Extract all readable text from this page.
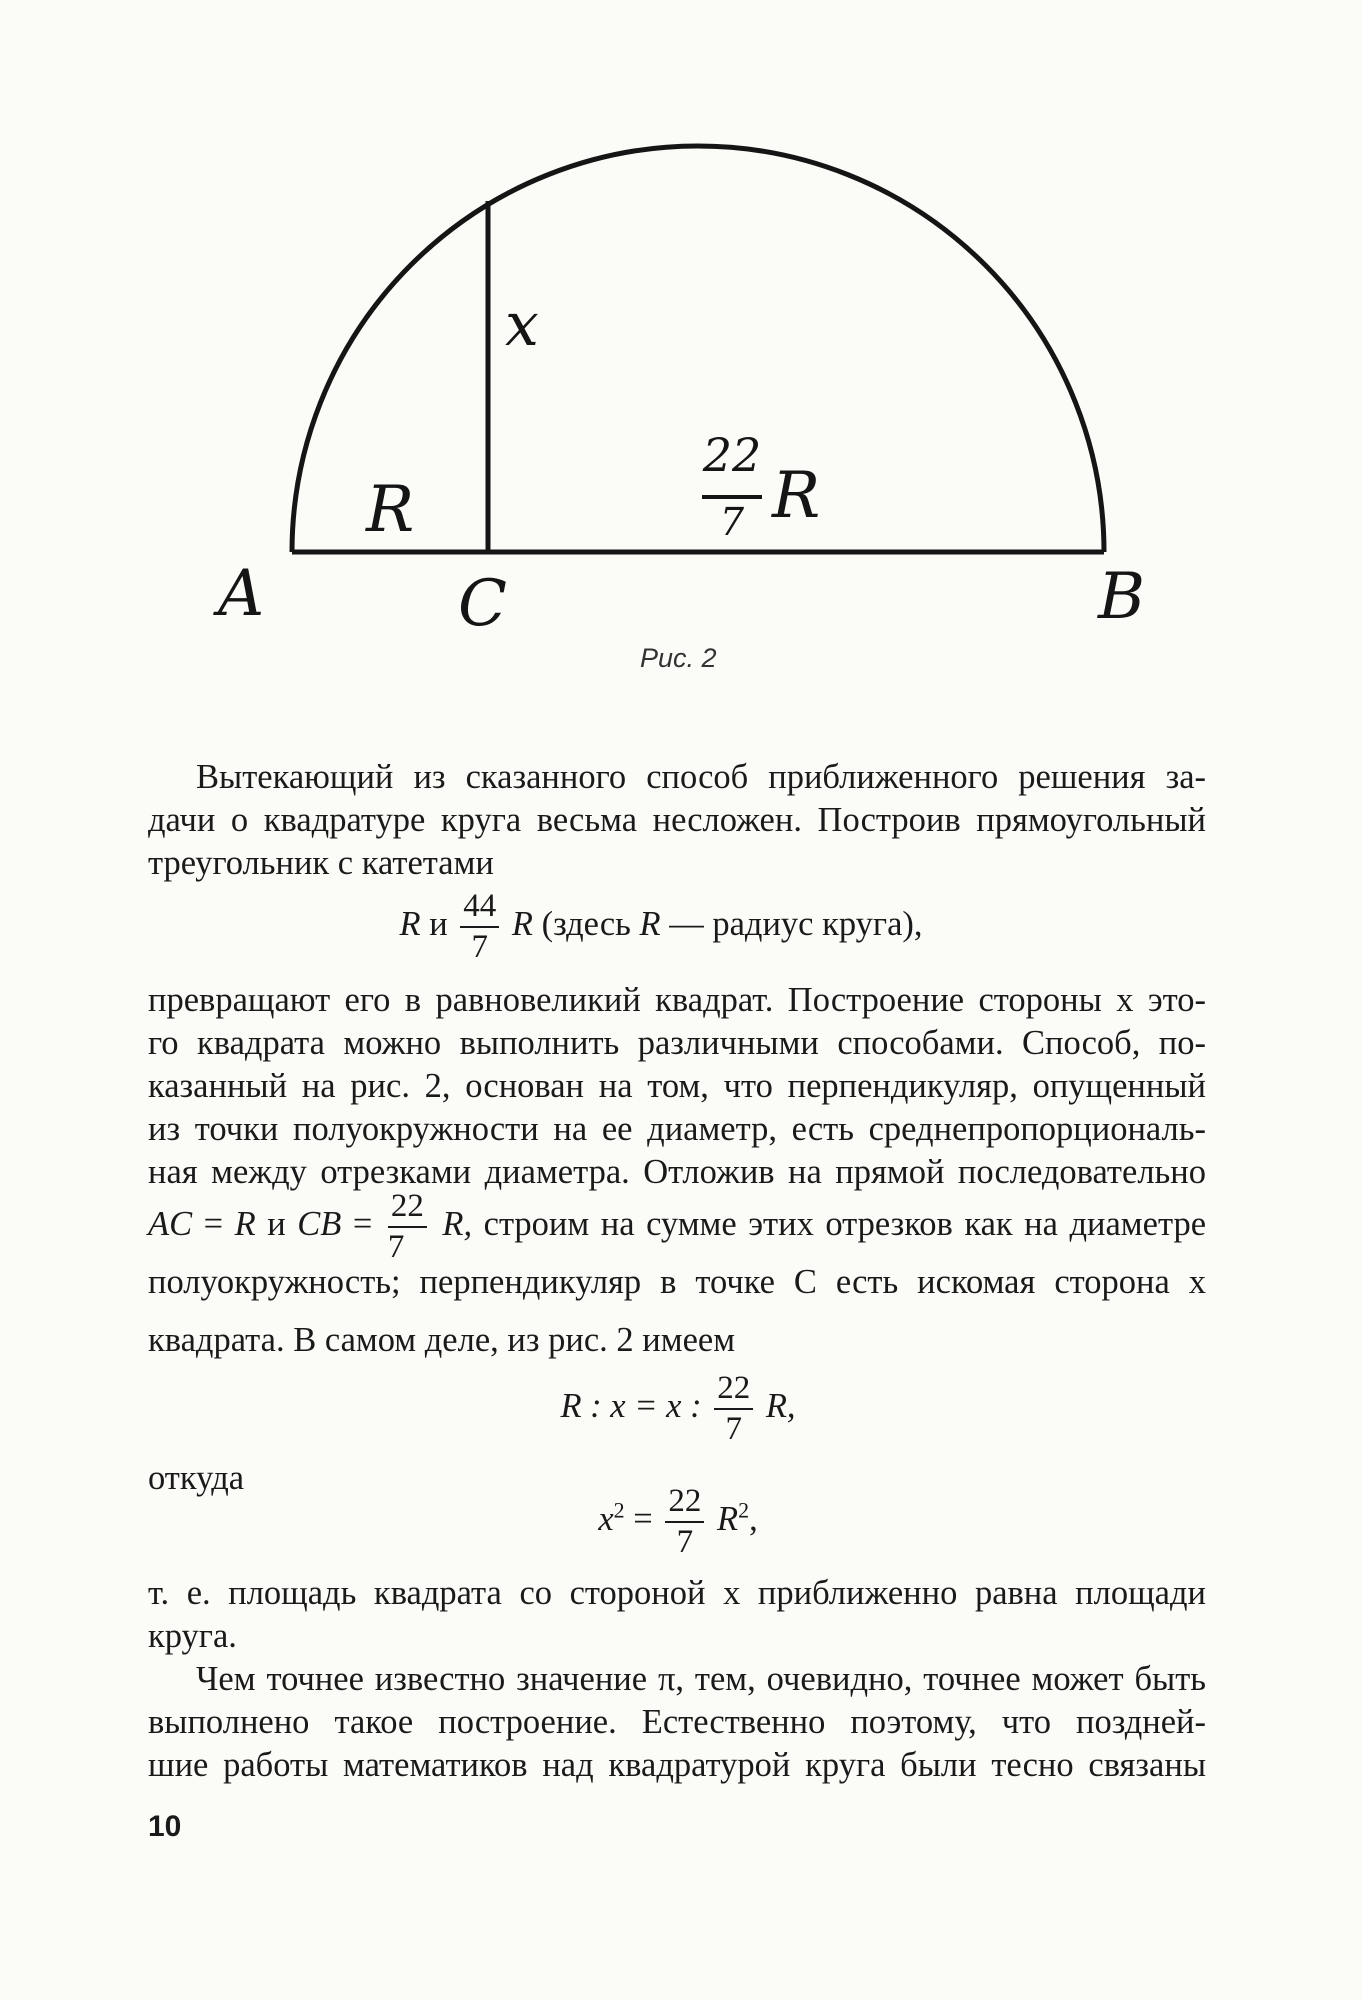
A	C	B
R
x
22
7 R
Рис. 2
Вытекающий из сказанного способ приближенного решения за-
дачи о квадратуре круга весьма несложен. Построив прямоугольный
треугольник с катетами
R и $\frac{44}{7}$ R (здесь R — радиус круга),
превращают его в равновеликий квадрат. Построение стороны x это-
го квадрата можно выполнить различными способами. Способ, по-
казанный на рис. 2, основан на том, что перпендикуляр, опущенный
из точки полуокружности на ее диаметр, есть среднепропорциональ-
ная между отрезками диаметра. Отложив на прямой последовательно
AC = R и CB = $\frac{22}{7} R$, строим на сумме этих отрезков как на диаметре
полуокружность; перпендикуляр в точке C есть искомая сторона x
квадрата. В самом деле, из рис. 2 имеем
R : x = x : $\frac{22}{7} R$,
откуда
$x^2 = \frac{22}{7} R^2$,
т. е. площадь квадрата со стороной x приближенно равна площади
круга.
Чем точнее известно значение π, тем, очевидно, точнее может быть
выполнено такое построение. Естественно поэтому, что поздней-
шие работы математиков над квадратурой круга были тесно связаны
10
